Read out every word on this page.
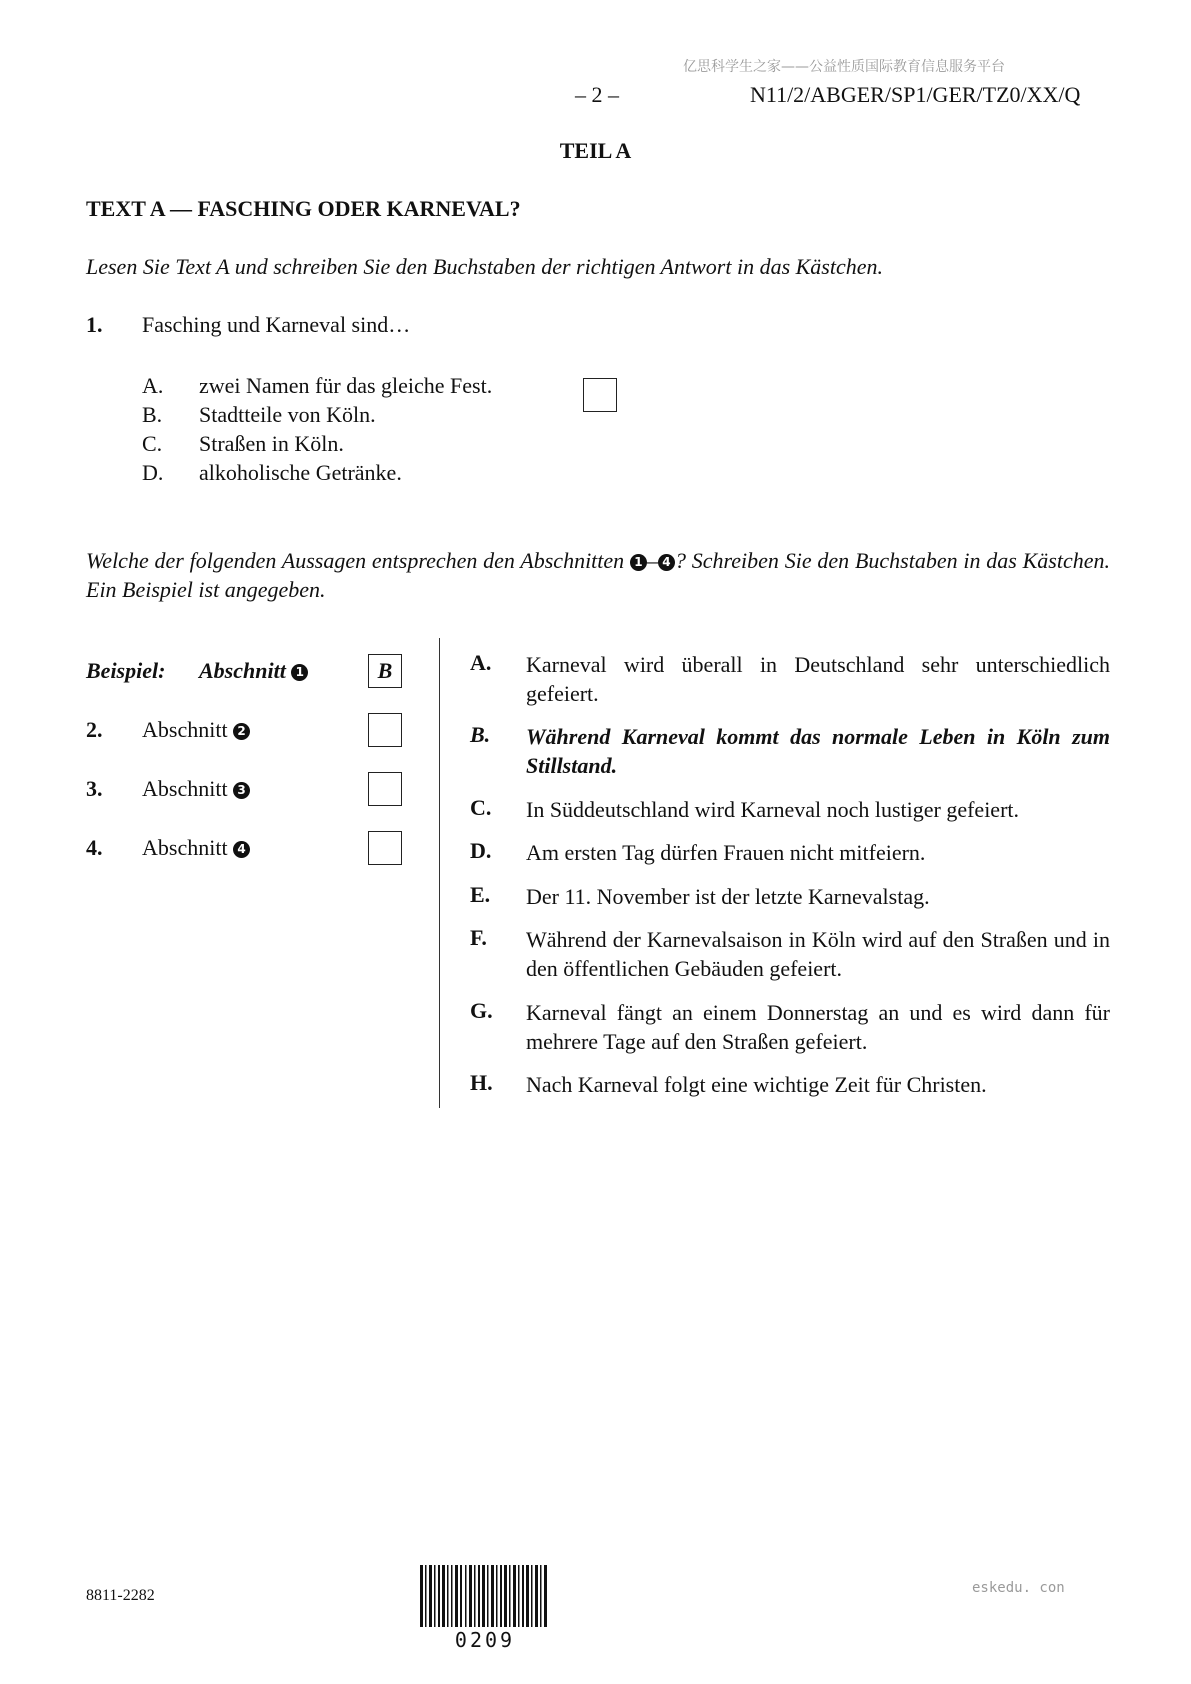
亿思科学生之家——公益性质国际教育信息服务平台
– 2 –	N11/2/ABGER/SP1/GER/TZ0/XX/Q
TEIL A
TEXT A — FASCHING ODER KARNEVAL?
Lesen Sie Text A und schreiben Sie den Buchstaben der richtigen Antwort in das Kästchen.
1. Fasching und Karneval sind…
A. zwei Namen für das gleiche Fest.
B. Stadtteile von Köln.
C. Straßen in Köln.
D. alkoholische Getränke.
Welche der folgenden Aussagen entsprechen den Abschnitten 1 – 4 ? Schreiben Sie den Buchstaben in das Kästchen. Ein Beispiel ist angegeben.
Beispiel: Abschnitt 1	B
2. Abschnitt 2
3. Abschnitt 3
4. Abschnitt 4
A. Karneval wird überall in Deutschland sehr unterschiedlich gefeiert.
B. Während Karneval kommt das normale Leben in Köln zum Stillstand.
C. In Süddeutschland wird Karneval noch lustiger gefeiert.
D. Am ersten Tag dürfen Frauen nicht mitfeiern.
E. Der 11. November ist der letzte Karnevalstag.
F. Während der Karnevalsaison in Köln wird auf den Straßen und in den öffentlichen Gebäuden gefeiert.
G. Karneval fängt an einem Donnerstag an und es wird dann für mehrere Tage auf den Straßen gefeiert.
H. Nach Karneval folgt eine wichtige Zeit für Christen.
8811-2282
0209
eskedu. con
